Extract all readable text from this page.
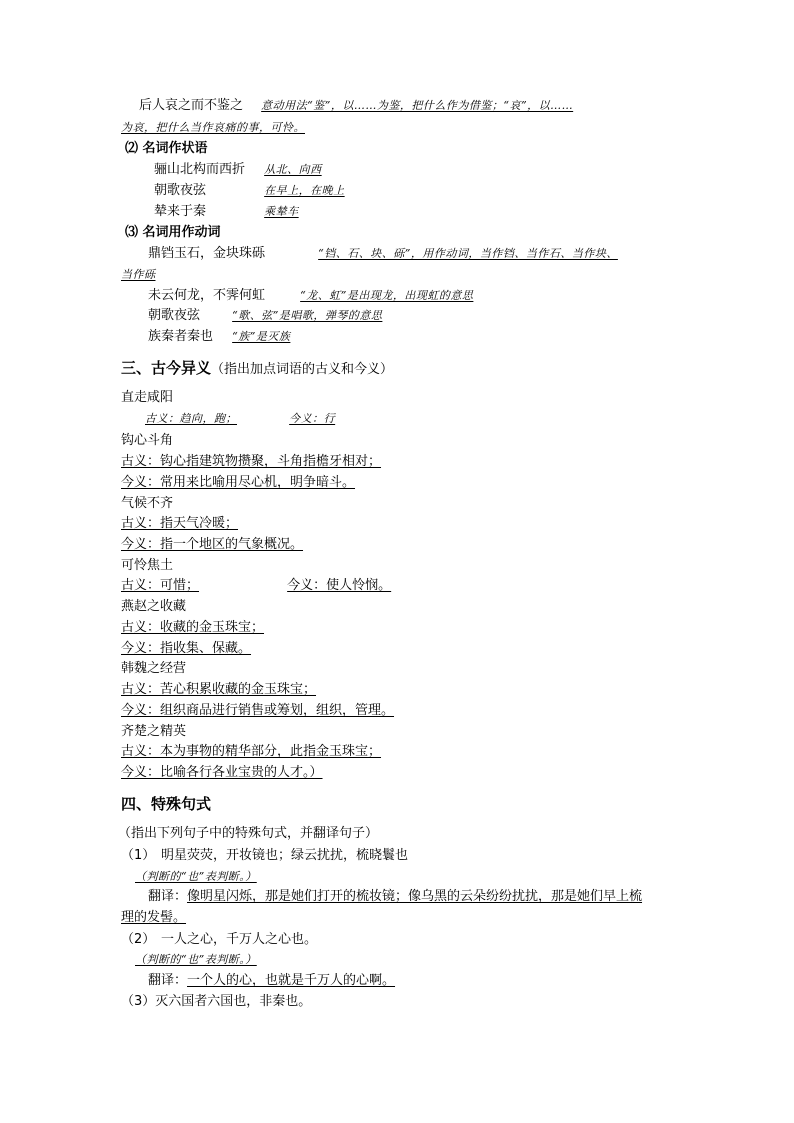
后人哀之而不鉴之 意动用法“鉴”，以……为鉴，把什么作为借鉴；“哀”，以……
为哀，把什么当作哀痛的事，可怜。
⑵ 名词作状语
骊山北构而西折 从北、向西
朝歌夜弦	在早上，在晚上
辇来于秦	乘辇车
⑶ 名词用作动词
鼎铛玉石，金块珠砾	“铛、石、块、砾”，用作动词，当作铛、当作石、当作块、
当作砾
未云何龙，不霁何虹	“龙、虹”是出现龙，出现虹的意思
朝歌夜弦	“歌、弦”是唱歌，弹琴的意思
族秦者秦也 “族”是灭族
三、古今异义（指出加点词语的古义和今义）
直走咸阳
古义：趋向，跑；	今义：行
钩心斗角
古义：钩心指建筑物攒聚，斗角指檐牙相对；
今义：常用来比喻用尽心机，明争暗斗。
气候不齐
古义：指天气冷暖；
今义：指一个地区的气象概况。
可怜焦土
古义：可惜；	今义：使人怜悯。
燕赵之收藏
古义：收藏的金玉珠宝；
今义：指收集、保藏。
韩魏之经营
古义：苦心积累收藏的金玉珠宝；
今义：组织商品进行销售或筹划，组织，管理。
齐楚之精英
古义：本为事物的精华部分，此指金玉珠宝；
今义：比喻各行各业宝贵的人才。）
四、特殊句式
（指出下列句子中的特殊句式，并翻译句子）
（1） 明星荧荧，开妆镜也；绿云扰扰，梳晓鬟也
（判断的“也”表判断。）
翻译：像明星闪烁，那是她们打开的梳妆镜；像乌黑的云朵纷纷扰扰，那是她们早上梳
理的发髻。
（2） 一人之心，千万人之心也。
（判断的“也”表判断。）
翻译：一个人的心，也就是千万人的心啊。
（3）灭六国者六国也，非秦也。
